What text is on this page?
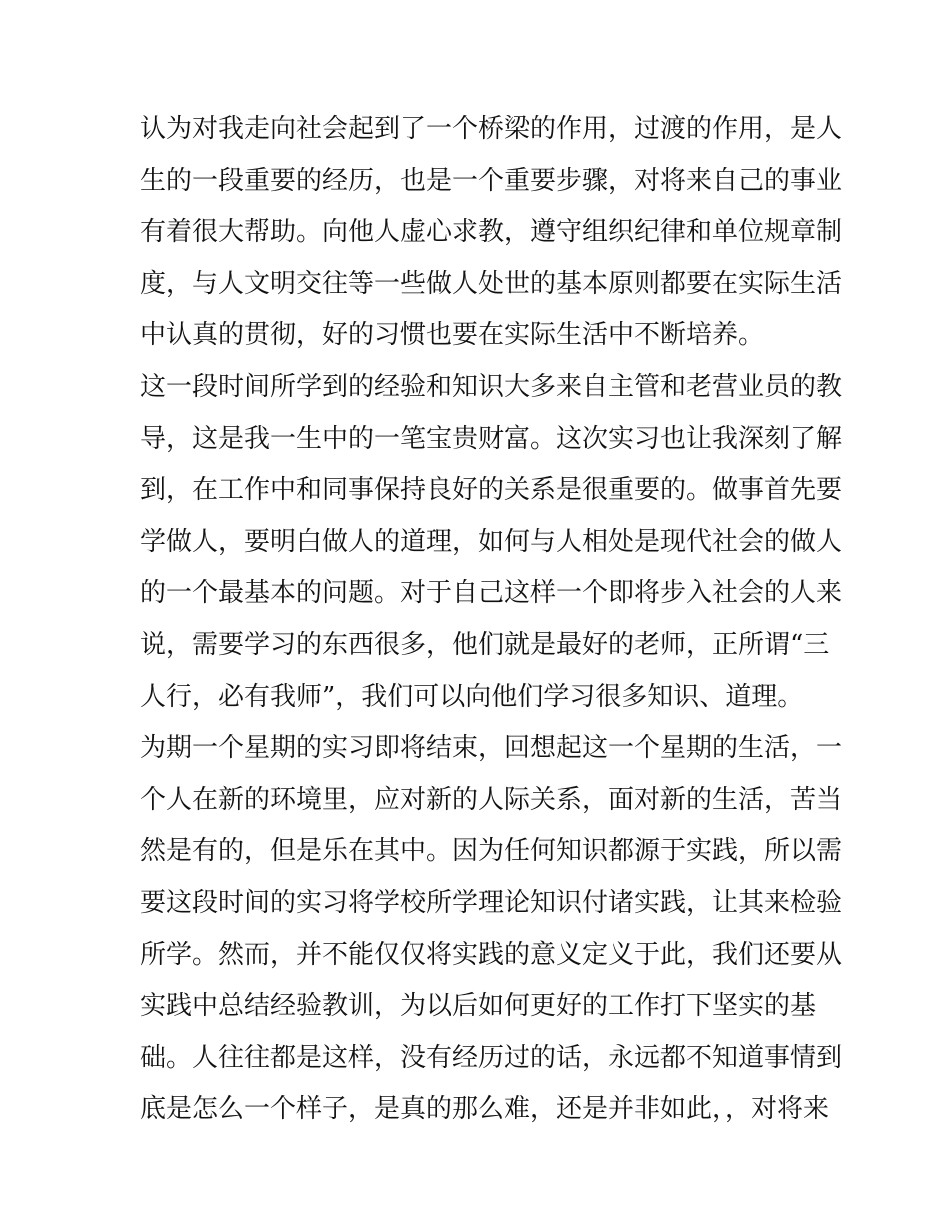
认为对我走向社会起到了一个桥梁的作用，过渡的作用，是人
生的一段重要的经历，也是一个重要步骤，对将来自己的事业
有着很大帮助。向他人虚心求教，遵守组织纪律和单位规章制
度，与人文明交往等一些做人处世的基本原则都要在实际生活
中认真的贯彻，好的习惯也要在实际生活中不断培养。
这一段时间所学到的经验和知识大多来自主管和老营业员的教
导，这是我一生中的一笔宝贵财富。这次实习也让我深刻了解
到，在工作中和同事保持良好的关系是很重要的。做事首先要
学做人，要明白做人的道理，如何与人相处是现代社会的做人
的一个最基本的问题。对于自己这样一个即将步入社会的人来
说，需要学习的东西很多，他们就是最好的老师，正所谓“三
人行，必有我师”，我们可以向他们学习很多知识、道理。
为期一个星期的实习即将结束，回想起这一个星期的生活，一
个人在新的环境里，应对新的人际关系，面对新的生活，苦当
然是有的，但是乐在其中。因为任何知识都源于实践，所以需
要这段时间的实习将学校所学理论知识付诸实践，让其来检验
所学。然而，并不能仅仅将实践的意义定义于此，我们还要从
实践中总结经验教训，为以后如何更好的工作打下坚实的基
础。人往往都是这样，没有经历过的话，永远都不知道事情到
底是怎么一个样子，是真的那么难，还是并非如此，，对将来
